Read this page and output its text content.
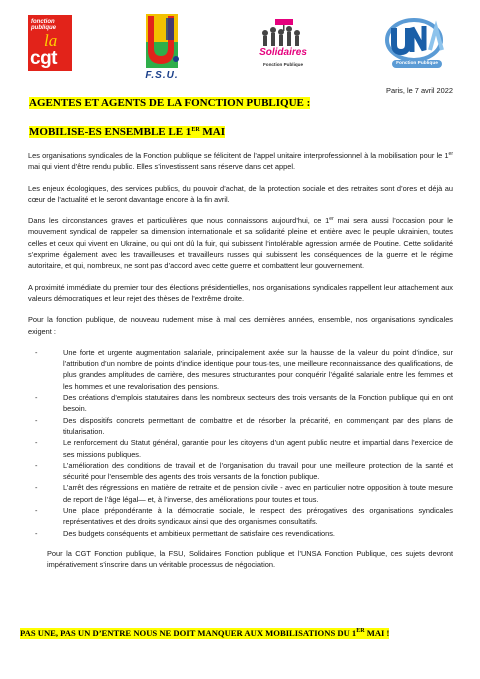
fonction
publique
la
cgt
F.S.U.
Solidaires
Fonction Publique	Fonction Publique
Paris, le 7 avril 2022
AGENTES ET AGENTS DE LA FONCTION PUBLIQUE :
MOBILISE-ES ENSEMBLE LE 1ER MAI

Les organisations syndicales de la Fonction publique se félicitent de l’appel unitaire interprofessionnel à la mobilisation pour le 1er mai qui vient d’être rendu public. Elles s’investissent sans réserve dans cet appel.

Les enjeux écologiques, des services publics, du pouvoir d’achat, de la protection sociale et des retraites sont d’ores et déjà au cœur de l’actualité et le seront davantage encore à la fin avril.

Dans les circonstances graves et particulières que nous connaissons aujourd’hui, ce 1er mai sera aussi l’occasion pour le mouvement syndical de rappeler sa dimension internationale et sa solidarité pleine et entière avec le peuple ukrainien, toutes celles et ceux qui vivent en Ukraine, ou qui ont dû la fuir, qui subissent l’intolérable agression armée de Poutine. Cette solidarité s’exprime également avec les travailleuses et travailleurs russes qui subissent les conséquences de la guerre et le régime autoritaire, et qui, nombreux, ne sont pas d’accord avec cette guerre et combattent leur gouvernement.

A proximité immédiate du premier tour des élections présidentielles, nos organisations syndicales rappellent leur attachement aux valeurs démocratiques et leur rejet des thèses de l’extrême droite.

Pour la fonction publique, de nouveau rudement mise à mal ces dernières années, ensemble, nos organisations syndicales exigent :

- Une forte et urgente augmentation salariale, principalement axée sur la hausse de la valeur du point d’indice, sur l’attribution d’un nombre de points d’indice identique pour tous·tes, une meilleure reconnaissance des qualifications, de plus grandes amplitudes de carrière, des mesures structurantes pour conquérir l’égalité salariale entre les femmes et les hommes et une revalorisation des pensions.
- Des créations d’emplois statutaires dans les nombreux secteurs des trois versants de la Fonction publique qui en ont besoin.
- Des dispositifs concrets permettant de combattre et de résorber la précarité, en commençant par des plans de titularisation.
- Le renforcement du Statut général, garantie pour les citoyens d’un agent public neutre et impartial dans l’exercice de ses missions publiques.
- L’amélioration des conditions de travail et de l’organisation du travail pour une meilleure protection de la santé et sécurité pour l’ensemble des agents des trois versants de la fonction publique.
- L’arrêt des régressions en matière de retraite et de pension civile - avec en particulier notre opposition à toute mesure de report de l’âge légal— et, à l’inverse, des améliorations pour toutes et tous.
- Une place prépondérante à la démocratie sociale, le respect des prérogatives des organisations syndicales représentatives et des droits syndicaux ainsi que des organismes consultatifs.
- Des budgets conséquents et ambitieux permettant de satisfaire ces revendications.

Pour la CGT Fonction publique, la FSU, Solidaires Fonction publique et l’UNSA Fonction Publique, ces sujets devront impérativement s’inscrire dans un véritable processus de négociation.

PAS UNE, PAS UN D’ENTRE NOUS NE DOIT MANQUER AUX MOBILISATIONS DU 1ER MAI !
